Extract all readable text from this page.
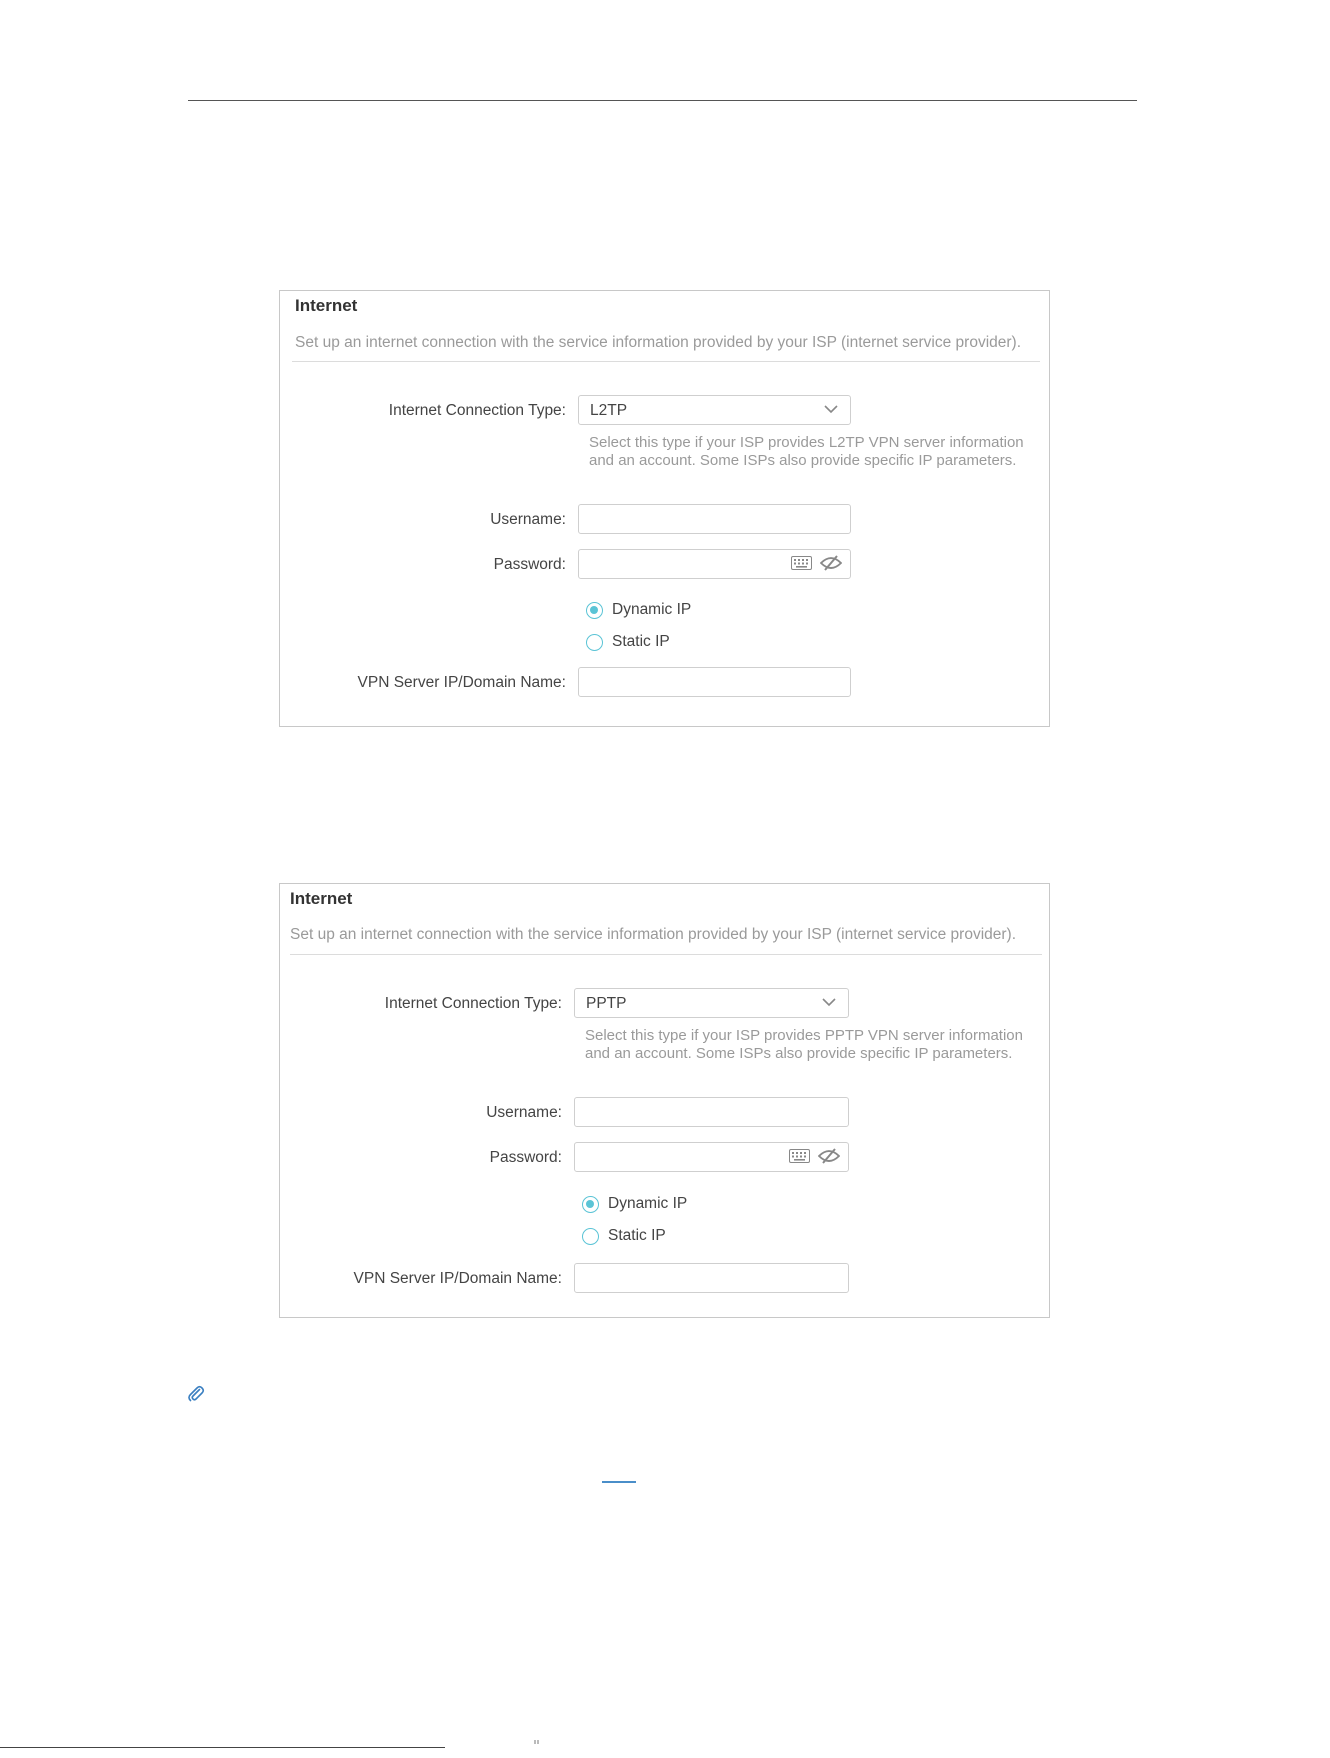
Internet
Set up an internet connection with the service information provided by your ISP (internet service provider).
Internet Connection Type: L2TP
Select this type if your ISP provides L2TP VPN server information and an account. Some ISPs also provide specific IP parameters.
Username:
Password:
Dynamic IP
Static IP
VPN Server IP/Domain Name:
Internet
Set up an internet connection with the service information provided by your ISP (internet service provider).
Internet Connection Type: PPTP
Select this type if your ISP provides PPTP VPN server information and an account. Some ISPs also provide specific IP parameters.
Username:
Password:
Dynamic IP
Static IP
VPN Server IP/Domain Name:
